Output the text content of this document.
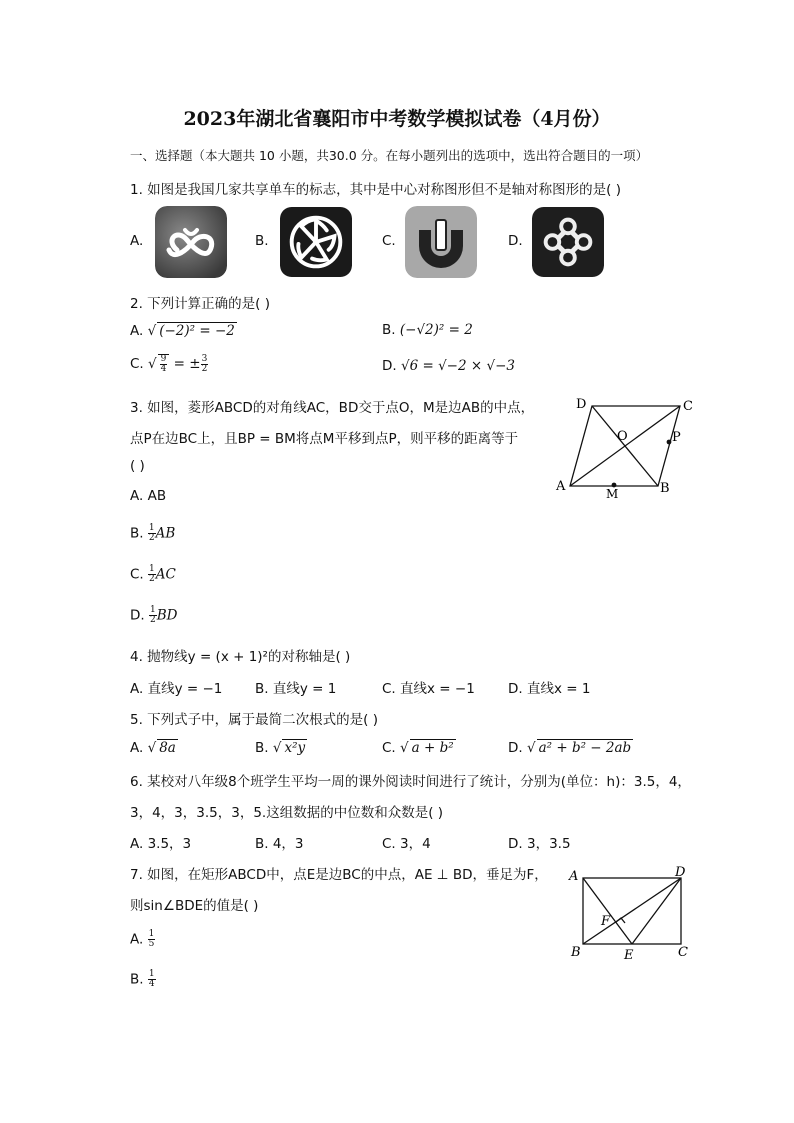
2023年湖北省襄阳市中考数学模拟试卷（4月份）
一、选择题（本大题共 10 小题，共30.0 分。在每小题列出的选项中，选出符合题目的一项）
1. 如图是我国几家共享单车的标志，其中是中心对称图形但不是轴对称图形的是( )
A.	B.	C.	D.
2. 下列计算正确的是( )
A. √ (−2)² = −2	B. (−√2)² = 2
C. √ $\frac{9}{4}$ = ± $\frac{3}{2}$	D. √6 = √−2 × √−3
3. 如图，菱形ABCD的对角线AC，BD交于点O，M是边AB的中点，
点P在边BC上，且BP = BM将点M平移到点P，则平移的距离等于
( )
D	C
O	P
A	M	B
A. AB
B. $\frac{1}{2}$ AB
C. $\frac{1}{2}$ AC
D. $\frac{1}{2}$ BD
4. 抛物线y = (x + 1)²的对称轴是( )
A. 直线y = −1 B. 直线y = 1	C. 直线x = −1 D. 直线x = 1
5. 下列式子中，属于最简二次根式的是( )
A. √ 8a	B. √ x²y	C. √ a + b²	D. √ a² + b² − 2ab
6. 某校对八年级8个班学生平均一周的课外阅读时间进行了统计，分别为(单位：h)：3.5，4，
3，4，3，3.5，3，5.这组数据的中位数和众数是( )
A. 3.5，3	B. 4，3	C. 3，4	D. 3，3.5
7. 如图，在矩形ABCD中，点E是边BC的中点，AE ⊥ BD，垂足为F，
则sin∠BDE的值是( )
A	D
F
B	E	C
A. $\frac{1}{5}$
B. $\frac{1}{4}$
